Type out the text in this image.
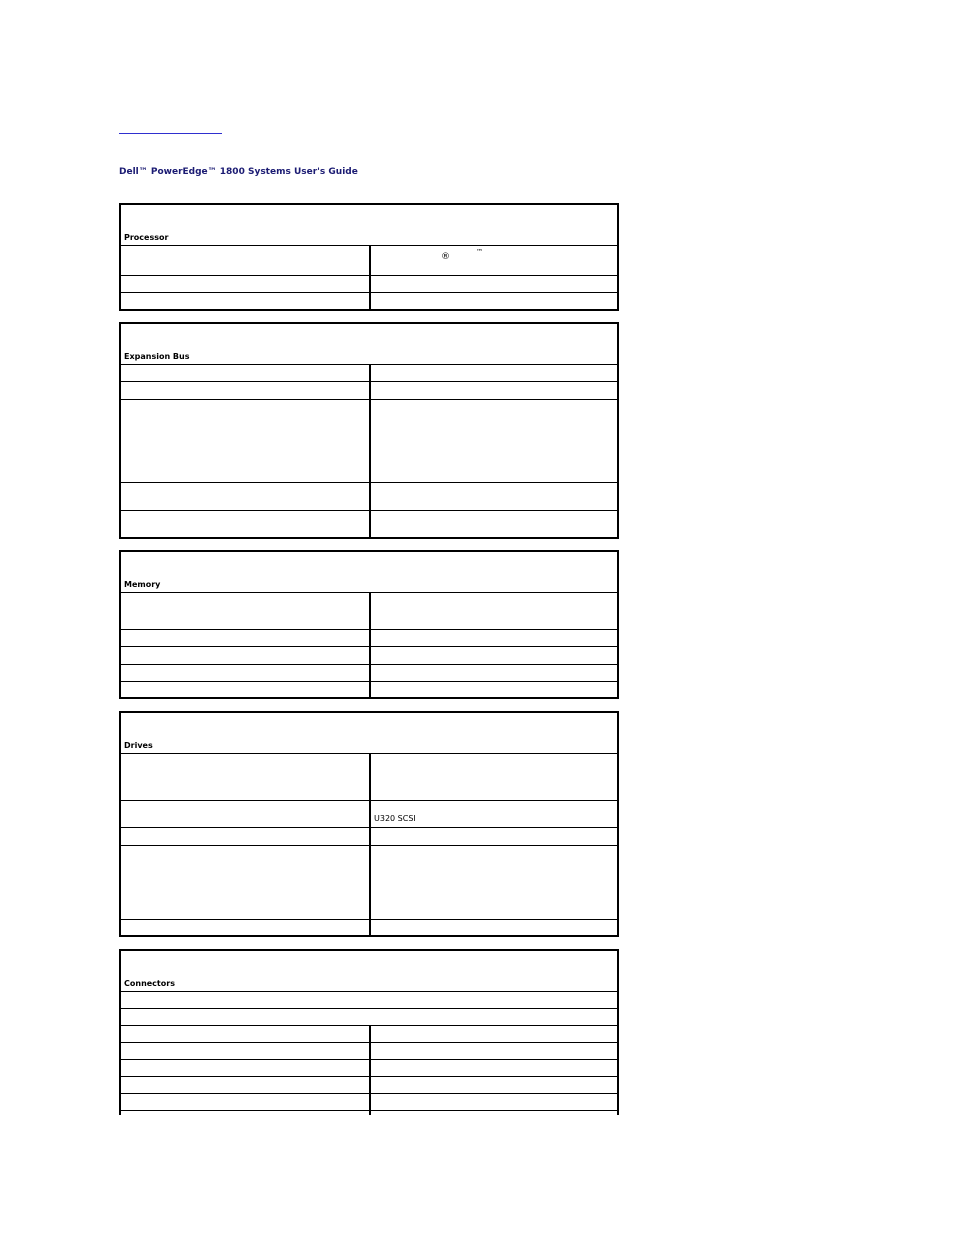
Dell™ PowerEdge™ 1800 Systems User's Guide
Processor
®	™
Expansion Bus
Memory
Drives
U320 SCSI
Connectors
